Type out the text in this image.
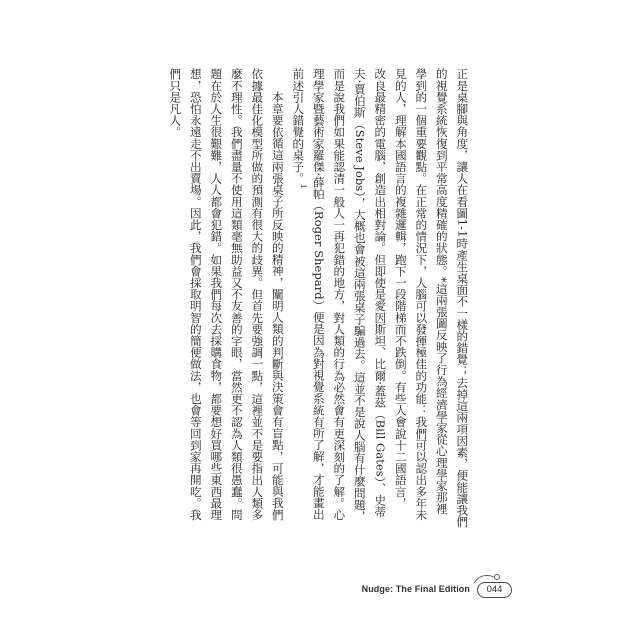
正是桌腳與角度，讓人在看圖1-1時產生桌面不一樣的錯覺；去掉這兩項因素，便能讓我們
的視覺系統恢復到平常高度精確的狀態。*這兩張圖反映了行為經濟學家從心理學家那裡
學到的一個重要觀點。在正常的情況下，人腦可以發揮極佳的功能：我們可以認出多年未
見的人，理解本國語言的複雜邏輯，跑下一段階梯而不跌倒。有些人會說十二國語言，
改良最精密的電腦，創造出相對論。但即使是愛因斯坦、比爾·蓋茲（Bill Gates）、史蒂
夫·賈伯斯（Steve Jobs），大概也會被這兩張桌子騙過去。這並不是說人腦有什麼問題，
而是說我們如果能認清一般人一再犯錯的地方，對人類的行為必然會有更深刻的了解。心
理學家暨藝術家羅傑·薛帕（Roger Shepard）便是因為對視覺系統有所了解，才能畫出
前述引人錯覺的桌子。$^1$
本章要依循這兩張桌子所反映的精神，闡明人類的判斷與決策會有盲點，可能與我們
依據最佳化模型所做的預測有很大的歧異。但首先要強調一點，這裡並不是要指出人類多
麼不理性。我們盡量不使用這類毫無助益又不友善的字眼，當然更不認為人類很愚蠢。問
題在於人生很艱難，人人都會犯錯。如果我們每次去採購食物，都要想好買哪些東西最理
想，恐怕永遠走不出賣場。因此，我們會採取明智的簡便做法，也會等回到家再開吃。我
們只是凡人。
Nudge: The Final Edition	044
